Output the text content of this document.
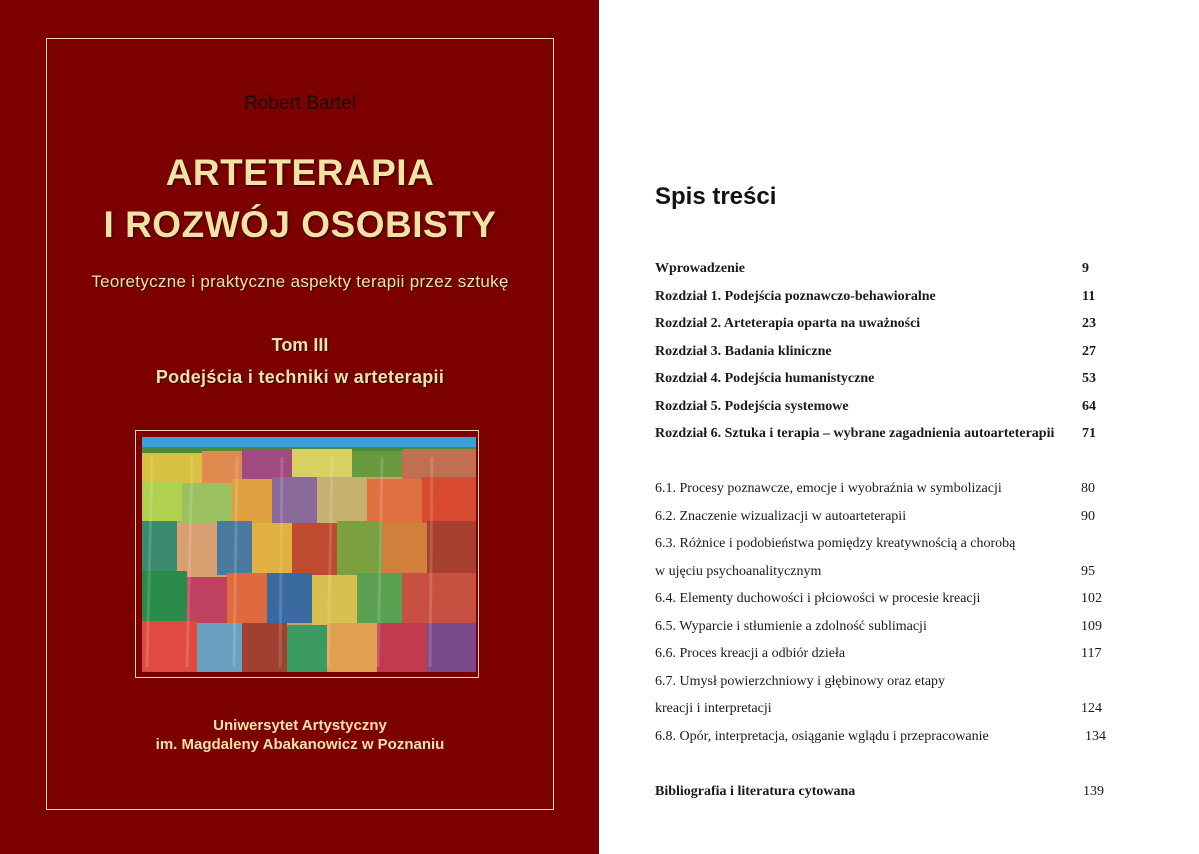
Robert Bartel
ARTETERAPIA
I ROZWÓJ OSOBISTY
Teoretyczne i praktyczne aspekty terapii przez sztukę
Tom III
Podejścia i techniki w arteterapii
Uniwersytet Artystyczny
im. Magdaleny Abakanowicz w Poznaniu
Spis treści
Wprowadzenie	9
Rozdział 1. Podejścia poznawczo-behawioralne	11
Rozdział 2. Arteterapia oparta na uważności	23
Rozdział 3. Badania kliniczne	27
Rozdział 4. Podejścia humanistyczne	53
Rozdział 5. Podejścia systemowe	64
Rozdział 6. Sztuka i terapia – wybrane zagadnienia autoarteterapii 71
6.1. Procesy poznawcze, emocje i wyobraźnia w symbolizacji	80
6.2. Znaczenie wizualizacji w autoarteterapii	90
6.3. Różnice i podobieństwa pomiędzy kreatywnością a chorobą
w ujęciu psychoanalitycznym	95
6.4. Elementy duchowości i płciowości w procesie kreacji	102
6.5. Wyparcie i stłumienie a zdolność sublimacji	109
6.6. Proces kreacji a odbiór dzieła	117
6.7. Umysł powierzchniowy i głębinowy oraz etapy
kreacji i interpretacji	124
6.8. Opór, interpretacja, osiąganie wglądu i przepracowanie	134
Bibliografia i literatura cytowana	139
